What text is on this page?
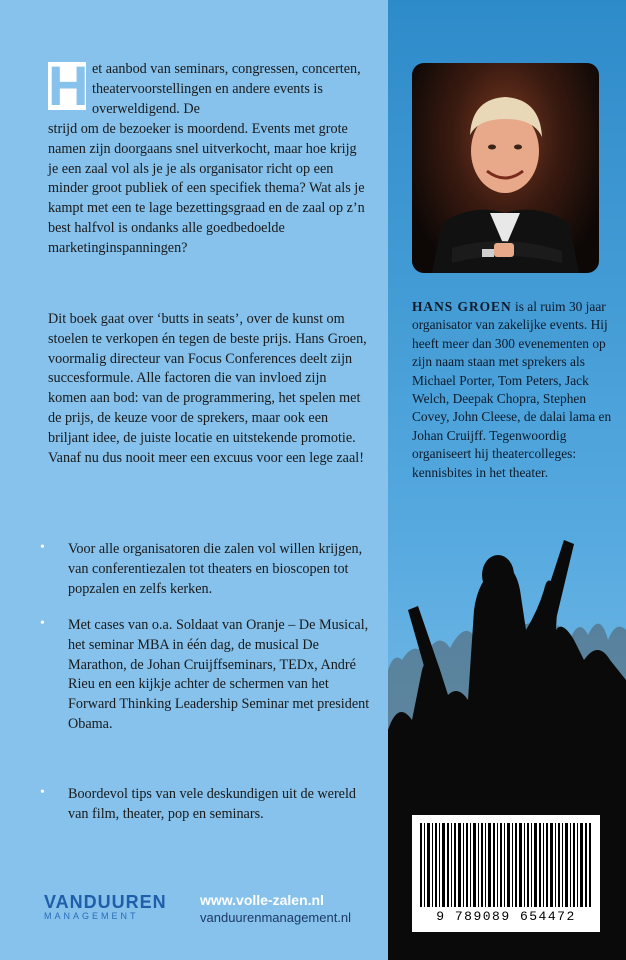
H et aanbod van seminars, congressen, concerten, theatervoorstellingen en andere events is overweldigend. De
strijd om de bezoeker is moordend. Events met grote namen zijn doorgaans snel uitverkocht, maar hoe krijg je een zaal vol als je je als organisator richt op een minder groot publiek of een specifiek thema? Wat als je kampt met een te lage bezettingsgraad en de zaal op z’n best halfvol is ondanks alle goedbedoelde marketinginspanningen?
Dit boek gaat over ‘butts in seats’, over de kunst om stoelen te verkopen én tegen de beste prijs. Hans Groen, voormalig directeur van Focus Conferences deelt zijn succesformule. Alle factoren die van invloed zijn komen aan bod: van de programmering, het spelen met de prijs, de keuze voor de sprekers, maar ook een briljant idee, de juiste locatie en uitstekende promotie. Vanaf nu dus nooit meer een excuus voor een lege zaal!
• Voor alle organisatoren die zalen vol willen krijgen, van conferentiezalen tot theaters en bioscopen tot popzalen en zelfs kerken.
• Met cases van o.a. Soldaat van Oranje – De Musical, het seminar MBA in één dag, de musical De Marathon, de Johan Cruijffseminars, TEDx, André Rieu en een kijkje achter de schermen van het Forward Thinking Leadership Seminar met president Obama.
• Boordevol tips van vele deskundigen uit de wereld van film, theater, pop en seminars.
VANDUUREN
MANAGEMENT
www.volle-zalen.nl
vanduurenmanagement.nl
HANS GROEN is al ruim 30 jaar organisator van zakelijke events. Hij heeft meer dan 300 evenementen op zijn naam staan met sprekers als Michael Porter, Tom Peters, Jack Welch, Deepak Chopra, Stephen Covey, John Cleese, de dalai lama en Johan Cruijff. Tegenwoordig organiseert hij theatercolleges: kennisbites in het theater.
9 789089 654472
